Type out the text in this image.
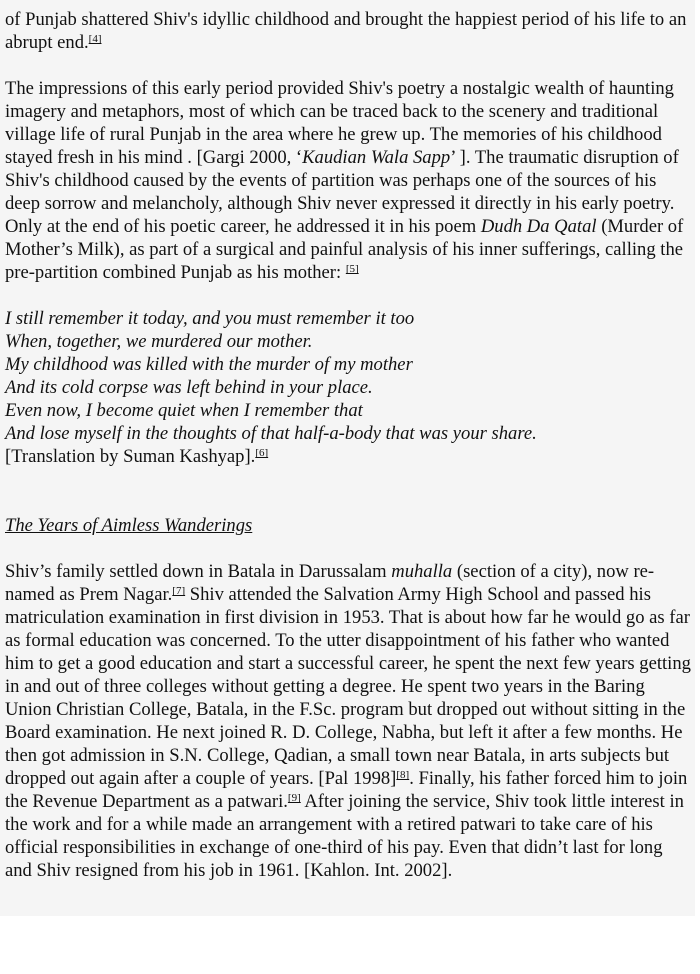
of Punjab shattered Shiv's idyllic childhood and brought the happiest period of his life to an abrupt end.[4]

The impressions of this early period provided Shiv's poetry a nostalgic wealth of haunting imagery and metaphors, most of which can be traced back to the scenery and traditional village life of rural Punjab in the area where he grew up. The memories of his childhood stayed fresh in his mind . [Gargi 2000, ‘Kaudian Wala Sapp’ ]. The traumatic disruption of Shiv's childhood caused by the events of partition was perhaps one of the sources of his deep sorrow and melancholy, although Shiv never expressed it directly in his early poetry. Only at the end of his poetic career, he addressed it in his poem Dudh Da Qatal (Murder of Mother’s Milk), as part of a surgical and painful analysis of his inner sufferings, calling the pre-partition combined Punjab as his mother: [5]

I still remember it today, and you must remember it too

When, together, we murdered our mother.

My childhood was killed with the murder of my mother

And its cold corpse was left behind in your place.

Even now, I become quiet when I remember that

And lose myself in the thoughts of that half-a-body that was your share.

[Translation by Suman Kashyap].[6]

The Years of Aimless Wanderings

Shiv’s family settled down in Batala in Darussalam muhalla (section of a city), now re-named as Prem Nagar.[7] Shiv attended the Salvation Army High School and passed his matriculation examination in first division in 1953. That is about how far he would go as far as formal education was concerned. To the utter disappointment of his father who wanted him to get a good education and start a successful career, he spent the next few years getting in and out of three colleges without getting a degree. He spent two years in the Baring Union Christian College, Batala, in the F.Sc. program but dropped out without sitting in the Board examination. He next joined R. D. College, Nabha, but left it after a few months. He then got admission in S.N. College, Qadian, a small town near Batala, in arts subjects but dropped out again after a couple of years. [Pal 1998][8]. Finally, his father forced him to join the Revenue Department as a patwari.[9] After joining the service, Shiv took little interest in the work and for a while made an arrangement with a retired patwari to take care of his official responsibilities in exchange of one-third of his pay. Even that didn’t last for long and Shiv resigned from his job in 1961. [Kahlon. Int. 2002].
